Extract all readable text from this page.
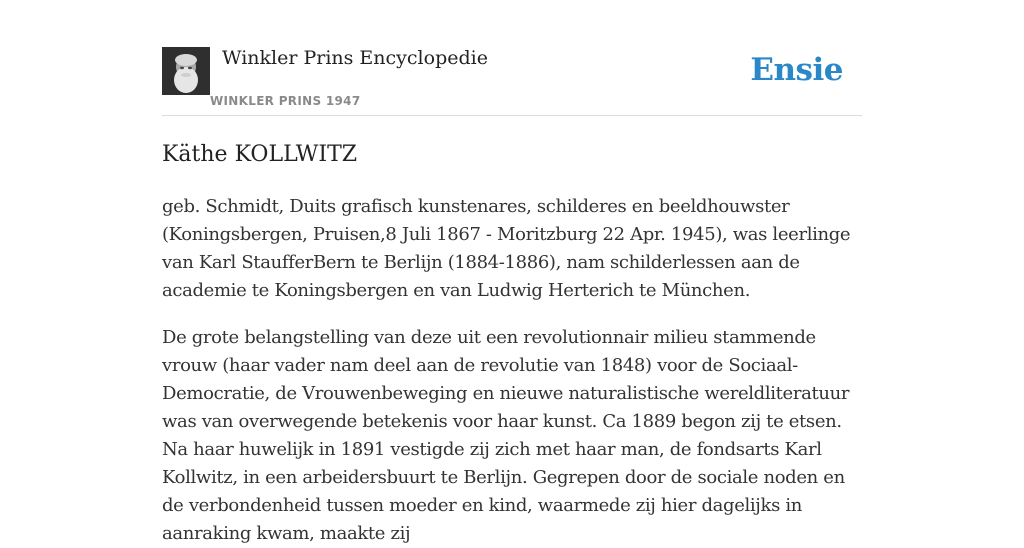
Winkler Prins Encyclopedie
WINKLER PRINS 1947
Ensie
Käthe KOLLWITZ

geb. Schmidt, Duits grafisch kunstenares, schilderes en beeldhouwster (Koningsbergen, Pruisen,8 Juli 1867 - Moritzburg 22 Apr. 1945), was leerlinge van Karl StaufferBern te Berlijn (1884-1886), nam schilderlessen aan de academie te Koningsbergen en van Ludwig Herterich te München.

De grote belangstelling van deze uit een revolutionnair milieu stammende vrouw (haar vader nam deel aan de revolutie van 1848) voor de Sociaal-Democratie, de Vrouwenbeweging en nieuwe naturalistische wereldliteratuur was van overwegende betekenis voor haar kunst. Ca 1889 begon zij te etsen. Na haar huwelijk in 1891 vestigde zij zich met haar man, de fondsarts Karl Kollwitz, in een arbeidersbuurt te Berlijn. Gegrepen door de sociale noden en de verbondenheid tussen moeder en kind, waarmede zij hier dagelijks in aanraking kwam, maakte zij
